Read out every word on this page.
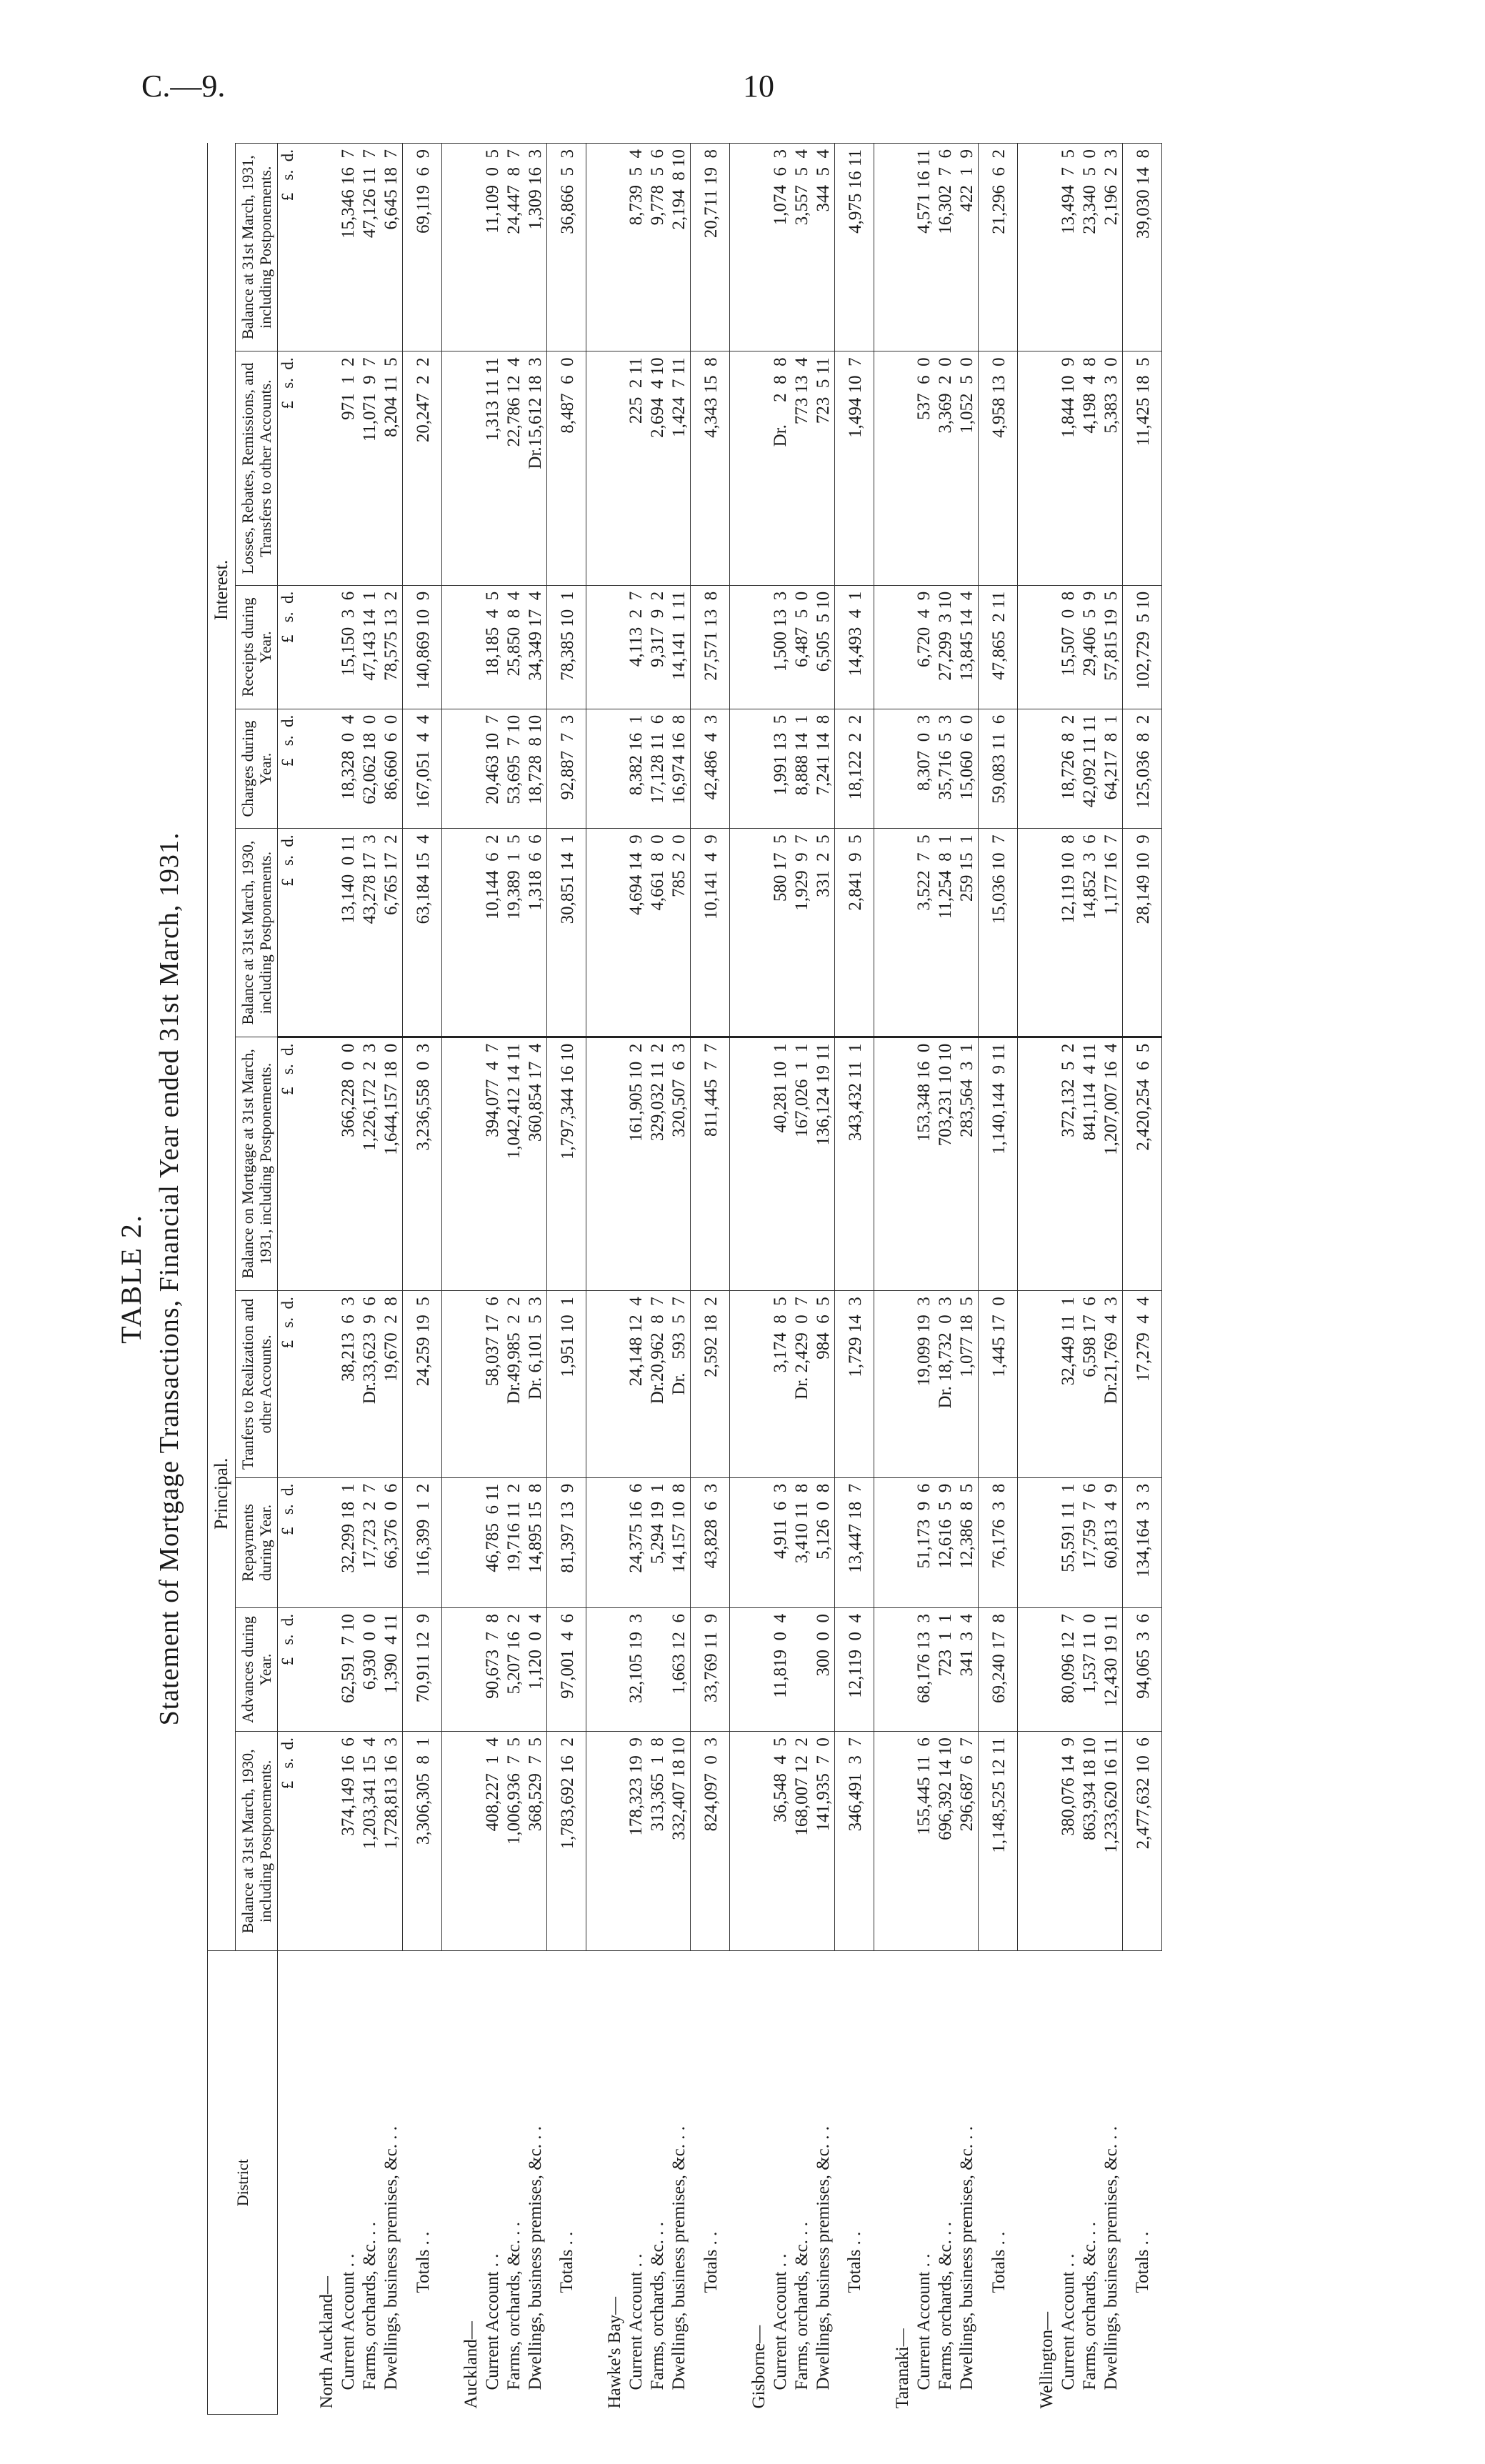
C.—9.	10
TABLE 2. Statement of Mortgage Transactions, Financial Year ended 31st March, 1931.
District	Principal.					Interest.				
	Balance at 31st March, 1930, including Postponements.	Advances during Year.	Repayments during Year.	Tranfers to Realization and other Accounts.	Balance on Mortgage at 31st March, 1931, including Postponements.	Balance at 31st March, 1930, including Postponements.	Charges during Year.	Receipts during Year.	Losses, Rebates, Remissions, and Transfers to other Accounts.	Balance at 31st March, 1931, including Postponements.
	£   s.  d.	£   s.  d.	£   s.  d.	£   s.  d.	£   s.  d.	£   s.  d.	£   s.  d.	£   s.  d.	£   s.  d.	£   s.  d.
North Auckland—										
Current Account . .	374,149 16  6	62,591  7 10	32,299 18  1	38,213  6  3	366,228  0  0	13,140  0 11	18,328  0  4	15,150  3  6	971  1  2	15,346 16  7
Farms, orchards, &c. . .	1,203,341 15  4	6,930  0  0	17,723  2  7	Dr.33,623  9  6	1,226,172  2  3	43,278 17  3	62,062 18  0	47,143 14  1	11,071  9  7	47,126 11  7
Dwellings, business premises, &c. . .	1,728,813 16  3	1,390  4 11	66,376  0  6	19,670  2  8	1,644,157 18  0	6,765 17  2	86,660  6  0	78,575 13  2	8,204 11  5	6,645 18  7
Totals . .	3,306,305  8  1	70,911 12  9	116,399  1  2	24,259 19  5	3,236,558  0  3	63,184 15  4	167,051  4  4	140,869 10  9	20,247  2  2	69,119  6  9
Auckland—										
Current Account . .	408,227  1  4	90,673  7  8	46,785  6 11	58,037 17  6	394,077  4  7	10,144  6  2	20,463 10  7	18,185  4  5	1,313 11 11	11,109  0  5
Farms, orchards, &c. . .	1,006,936  7  5	5,207 16  2	19,716 11  2	Dr.49,985  2  2	1,042,412 14 11	19,389  1  5	53,695  7 10	25,850  8  4	22,786 12  4	24,447  8  7
Dwellings, business premises, &c. . .	368,529  7  5	1,120  0  4	14,895 15  8	Dr. 6,101  5  3	360,854 17  4	1,318  6  6	18,728  8 10	34,349 17  4	Dr.15,612 18  3	1,309 16  3
Totals . .	1,783,692 16  2	97,001  4  6	81,397 13  9	1,951 10  1	1,797,344 16 10	30,851 14  1	92,887  7  3	78,385 10  1	8,487  6  0	36,866  5  3
Hawke's Bay—										
Current Account . .	178,323 19  9	32,105 19  3	24,375 16  6	24,148 12  4	161,905 10  2	4,694 14  9	8,382 16  1	4,113  2  7	225  2 11	8,739  5  4
Farms, orchards, &c. . .	313,365  1  8		5,294 19  1	Dr.20,962  8  7	329,032 11  2	4,661  8  0	17,128 11  6	9,317  9  2	2,694  4 10	9,778  5  6
Dwellings, business premises, &c. . .	332,407 18 10	1,663 12  6	14,157 10  8	Dr.   593  5  7	320,507  6  3	785  2  0	16,974 16  8	14,141  1 11	1,424  7 11	2,194  8 10
Totals . .	824,097  0  3	33,769 11  9	43,828  6  3	2,592 18  2	811,445  7  7	10,141  4  9	42,486  4  3	27,571 13  8	4,343 15  8	20,711 19  8
Gisborne—										
Current Account . .	36,548  4  5	11,819  0  4	4,911  6  3	3,174  8  5	40,281 10  1	580 17  5	1,991 13  5	1,500 13  3	Dr.     2  8  8	1,074  6  3
Farms, orchards, &c. . .	168,007 12  2		3,410 11  8	Dr. 2,429  0  7	167,026  1  1	1,929  9  7	8,888 14  1	6,487  5  0	773 13  4	3,557  5  4
Dwellings, business premises, &c. . .	141,935  7  0	300  0  0	5,126  0  8	984  6  5	136,124 19 11	331  2  5	7,241 14  8	6,505  5 10	723  5 11	344  5  4
Totals . .	346,491  3  7	12,119  0  4	13,447 18  7	1,729 14  3	343,432 11  1	2,841  9  5	18,122  2  2	14,493  4  1	1,494 10  7	4,975 16 11
Taranaki—										
Current Account . .	155,445 11  6	68,176 13  3	51,173  9  6	19,099 19  3	153,348 16  0	3,522  7  5	8,307  0  3	6,720  4  9	537  6  0	4,571 16 11
Farms, orchards, &c. . .	696,392 14 10	723  1  1	12,616  5  9	Dr. 18,732  0  3	703,231 10 10	11,254  8  1	35,716  5  3	27,299  3 10	3,369  2  0	16,302  7  6
Dwellings, business premises, &c. . .	296,687  6  7	341  3  4	12,386  8  5	1,077 18  5	283,564  3  1	259 15  1	15,060  6  0	13,845 14  4	1,052  5  0	422  1  9
Totals . .	1,148,525 12 11	69,240 17  8	76,176  3  8	1,445 17  0	1,140,144  9 11	15,036 10  7	59,083 11  6	47,865  2 11	4,958 13  0	21,296  6  2
Wellington—										
Current Account . .	380,076 14  9	80,096 12  7	55,591 11  1	32,449 11  1	372,132  5  2	12,119 10  8	18,726  8  2	15,507  0  8	1,844 10  9	13,494  7  5
Farms, orchards, &c. . .	863,934 18 10	1,537 11  0	17,759  7  6	6,598 17  6	841,114  4 11	14,852  3  6	42,092 11 11	29,406  5  9	4,198  4  8	23,340  5  0
Dwellings, business premises, &c. . .	1,233,620 16 11	12,430 19 11	60,813  4  9	Dr.21,769  4  3	1,207,007 16  4	1,177 16  7	64,217  8  1	57,815 19  5	5,383  3  0	2,196  2  3
Totals . .	2,477,632 10  6	94,065  3  6	134,164  3  3	17,279  4  4	2,420,254  6  5	28,149 10  9	125,036  8  2	102,729  5 10	11,425 18  5	39,030 14  8
